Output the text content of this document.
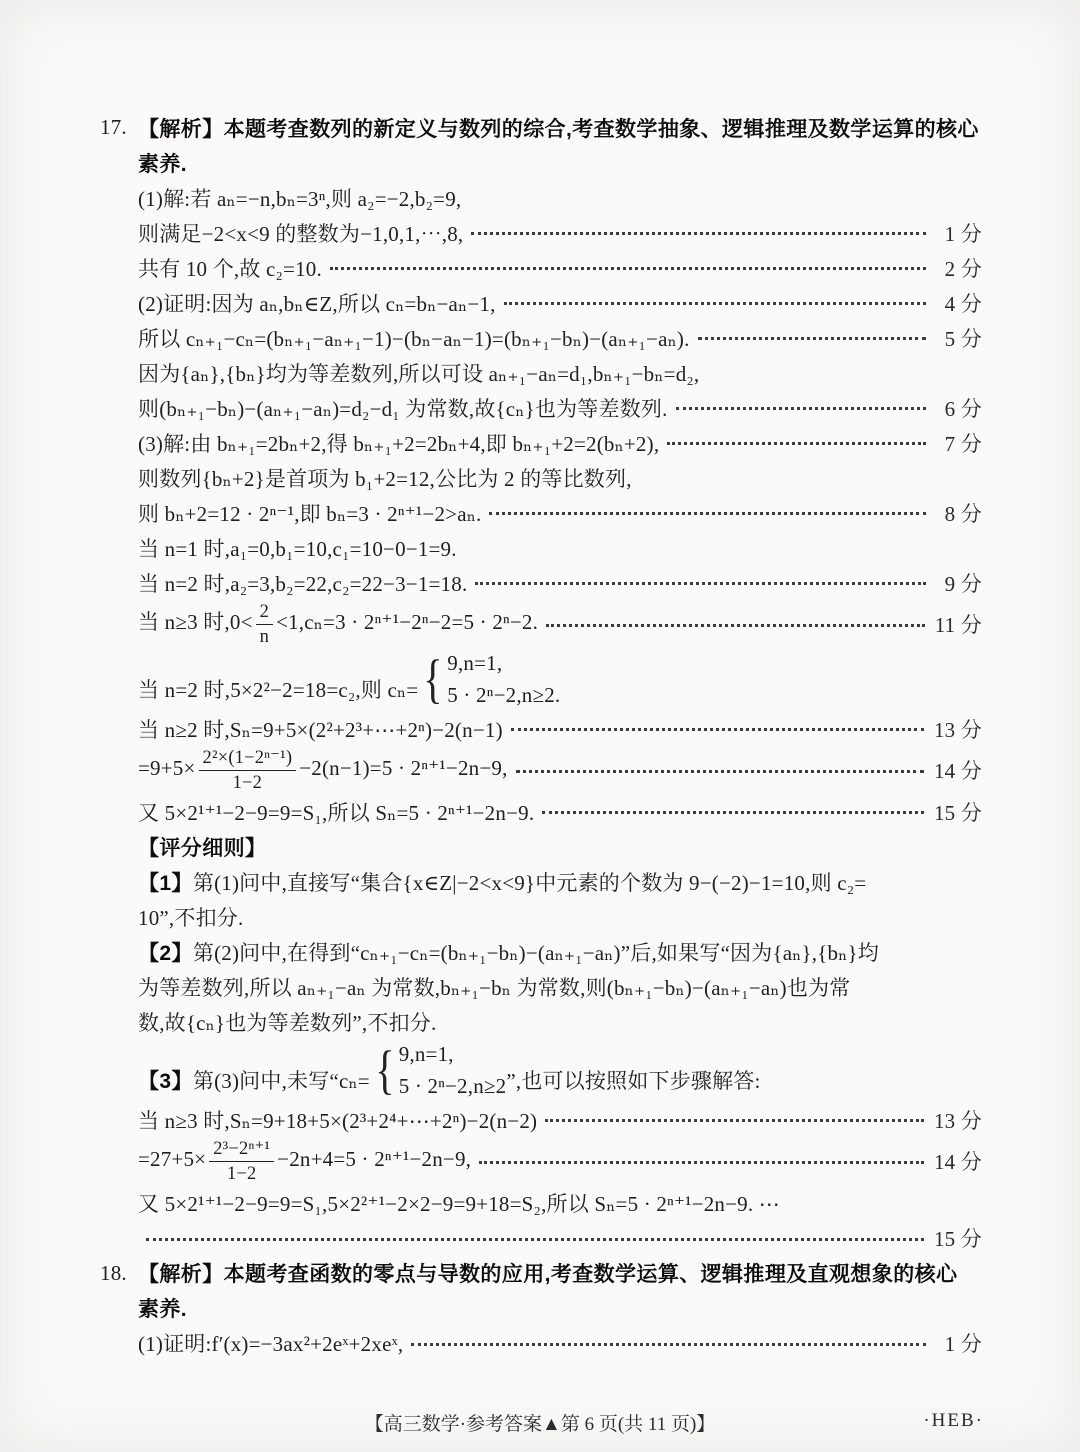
17. 【解析】本题考查数列的新定义与数列的综合,考查数学抽象、逻辑推理及数学运算的核心
素养.
(1)解:若 aₙ=−n,bₙ=3ⁿ,则 a₂=−2,b₂=9,
则满足−2<x<9 的整数为−1,0,1,⋯,8,	1 分
共有 10 个,故 c₂=10.	2 分
(2)证明:因为 aₙ,bₙ∈Z,所以 cₙ=bₙ−aₙ−1,	4 分
所以 cₙ₊₁−cₙ=(bₙ₊₁−aₙ₊₁−1)−(bₙ−aₙ−1)=(bₙ₊₁−bₙ)−(aₙ₊₁−aₙ).	5 分
因为{aₙ},{bₙ}均为等差数列,所以可设 aₙ₊₁−aₙ=d₁,bₙ₊₁−bₙ=d₂,
则(bₙ₊₁−bₙ)−(aₙ₊₁−aₙ)=d₂−d₁ 为常数,故{cₙ}也为等差数列.	6 分
(3)解:由 bₙ₊₁=2bₙ+2,得 bₙ₊₁+2=2bₙ+4,即 bₙ₊₁+2=2(bₙ+2),	7 分
则数列{bₙ+2}是首项为 b₁+2=12,公比为 2 的等比数列,
则 bₙ+2=12 · 2ⁿ⁻¹,即 bₙ=3 · 2ⁿ⁺¹−2>aₙ.	8 分
当 n=1 时,a₁=0,b₁=10,c₁=10−0−1=9.
当 n=2 时,a₂=3,b₂=22,c₂=22−3−1=18.	9 分
当 n≥3 时$,0< \frac{2}{n} <1,c_n=3 \cdot 2^{n+1}-2^n-2=5 \cdot 2^n-2$.	11 分
当 n=2 时,5×2²−2=18=c₂,则 cₙ= { 9,n=1,
5 · 2ⁿ−2,n≥2.
当 n≥2 时,Sₙ=9+5×(2²+2³+⋯+2ⁿ)−2(n−1)	13 分
$=9+5\times \frac{\text{2²×(1−2ⁿ⁻¹)}}{1-2} -2(n-1)=5 \cdot 2^{n+1}-2n-9$,	14 分
又 5×2¹⁺¹−2−9=9=S₁,所以 Sₙ=5 · 2ⁿ⁺¹−2n−9.	15 分
【评分细则】
【1】第(1)问中,直接写“集合{x∈Z|−2<x<9}中元素的个数为 9−(−2)−1=10,则 c₂=
10”,不扣分.
【2】第(2)问中,在得到“cₙ₊₁−cₙ=(bₙ₊₁−bₙ)−(aₙ₊₁−aₙ)”后,如果写“因为{aₙ},{bₙ}均
为等差数列,所以 aₙ₊₁−aₙ 为常数,bₙ₊₁−bₙ 为常数,则(bₙ₊₁−bₙ)−(aₙ₊₁−aₙ)也为常
数,故{cₙ}也为等差数列”,不扣分.
【3】第(3)问中,未写“cₙ= { 9,n=1,
5 · 2ⁿ−2,n≥2 ”,也可以按照如下步骤解答:
当 n≥3 时,Sₙ=9+18+5×(2³+2⁴+⋯+2ⁿ)−2(n−2)	13 分
$=27+5\times \frac{\text{2³−2ⁿ⁺¹}}{1-2} -2n+4=5 \cdot 2^{n+1}-2n-9$,	14 分
又 5×2¹⁺¹−2−9=9=S₁,5×2²⁺¹−2×2−9=9+18=S₂,所以 Sₙ=5 · 2ⁿ⁺¹−2n−9. ⋯
15 分
18. 【解析】本题考查函数的零点与导数的应用,考查数学运算、逻辑推理及直观想象的核心
素养.
(1)证明:f′(x)=−3ax²+2eˣ+2xeˣ,	1 分
【高三数学·参考答案▲第 6 页(共 11 页)】	·HEB·
